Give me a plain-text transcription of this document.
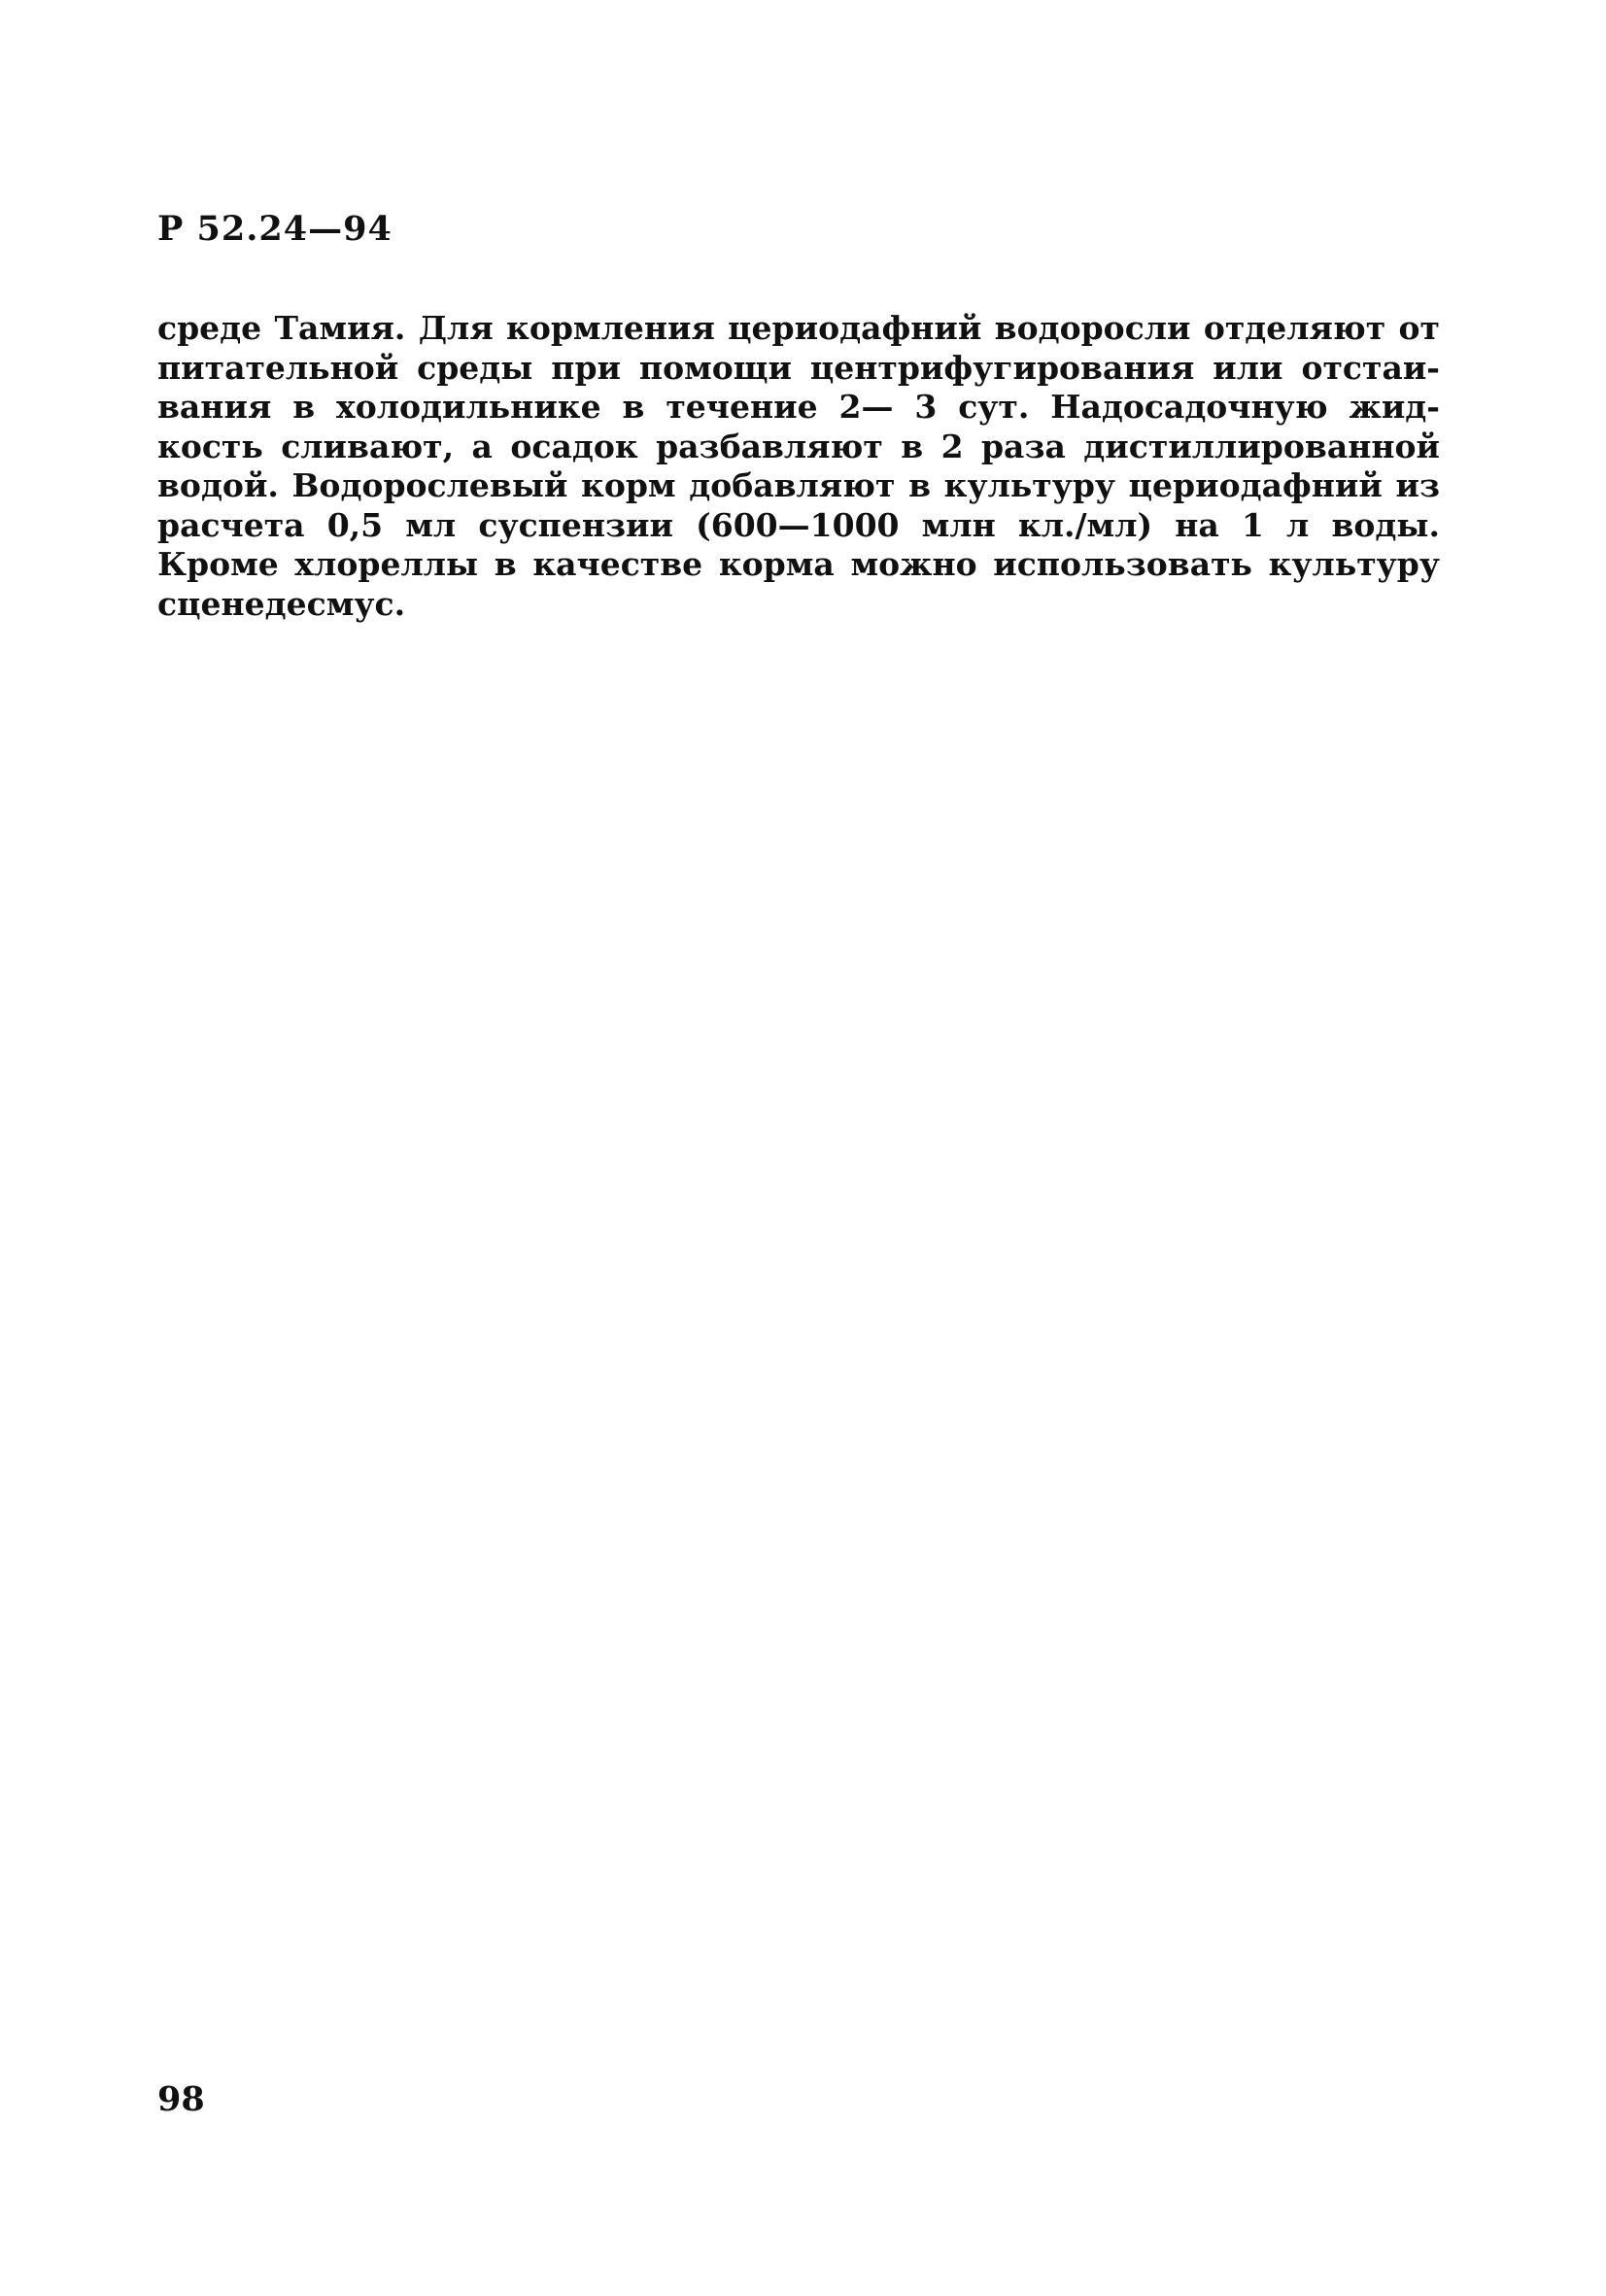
Р 52.24—94
среде Тамия. Для кормления цериодафний водоросли отделяют от
питательной среды при помощи центрифугирования или отстаи-
вания в холодильнике в течение 2— 3 сут. Надосадочную жид-
кость сливают, а осадок разбавляют в 2 раза дистиллированной
водой. Водорослевый корм добавляют в культуру цериодафний из
расчета 0,5 мл суспензии (600—1000 млн кл./мл) на 1 л воды.
Кроме хлореллы в качестве корма можно использовать культуру
сценедесмус.
98
